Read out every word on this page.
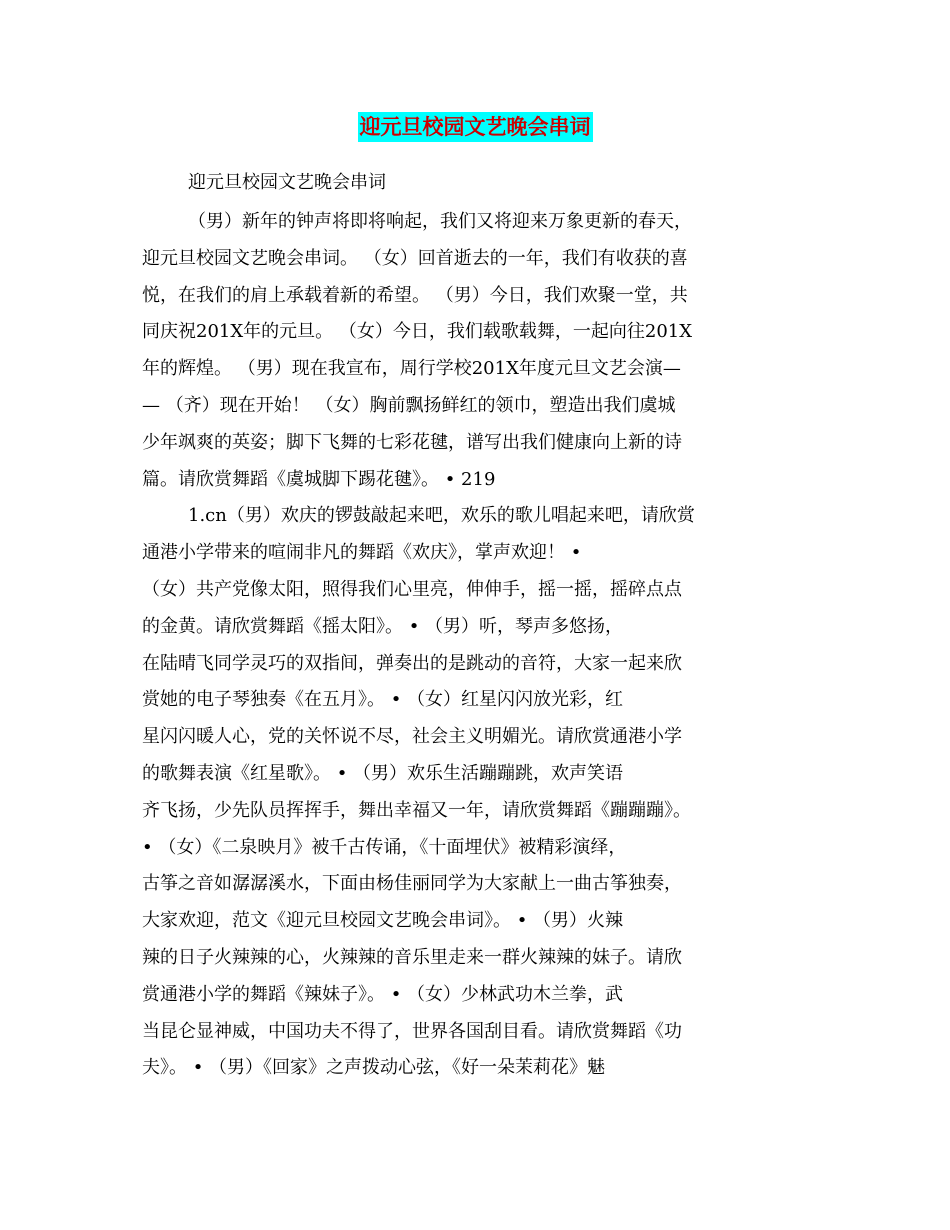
迎元旦校园文艺晚会串词
迎元旦校园文艺晚会串词
（男）新年的钟声将即将响起，我们又将迎来万象更新的春天，
迎元旦校园文艺晚会串词。 （女）回首逝去的一年，我们有收获的喜
悦，在我们的肩上承载着新的希望。 （男）今日，我们欢聚一堂，共
同庆祝201X年的元旦。 （女）今日，我们载歌载舞，一起向往201X
年的辉煌。 （男）现在我宣布，周行学校201X年度元旦文艺会演—
— （齐）现在开始！ （女）胸前飘扬鲜红的领巾，塑造出我们虞城
少年飒爽的英姿；脚下飞舞的七彩花毽，谱写出我们健康向上新的诗
篇。请欣赏舞蹈《虞城脚下踢花毽》。 • 219
1.cn（男）欢庆的锣鼓敲起来吧，欢乐的歌儿唱起来吧，请欣赏
通港小学带来的喧闹非凡的舞蹈《欢庆》，掌声欢迎！ •
（女）共产党像太阳，照得我们心里亮，伸伸手，摇一摇，摇碎点点
的金黄。请欣赏舞蹈《摇太阳》。 • （男）听，琴声多悠扬，
在陆晴飞同学灵巧的双指间，弹奏出的是跳动的音符，大家一起来欣
赏她的电子琴独奏《在五月》。 • （女）红星闪闪放光彩，红
星闪闪暖人心，党的关怀说不尽，社会主义明媚光。请欣赏通港小学
的歌舞表演《红星歌》。 • （男）欢乐生活蹦蹦跳，欢声笑语
齐飞扬，少先队员挥挥手，舞出幸福又一年，请欣赏舞蹈《蹦蹦蹦》。
• （女）《二泉映月》被千古传诵，《十面埋伏》被精彩演绎，
古筝之音如潺潺溪水，下面由杨佳丽同学为大家献上一曲古筝独奏，
大家欢迎，范文《迎元旦校园文艺晚会串词》。 • （男）火辣
辣的日子火辣辣的心，火辣辣的音乐里走来一群火辣辣的妹子。请欣
赏通港小学的舞蹈《辣妹子》。 • （女）少林武功木兰拳，武
当昆仑显神威，中国功夫不得了，世界各国刮目看。请欣赏舞蹈《功
夫》。 • （男）《回家》之声拨动心弦，《好一朵茉莉花》魅
